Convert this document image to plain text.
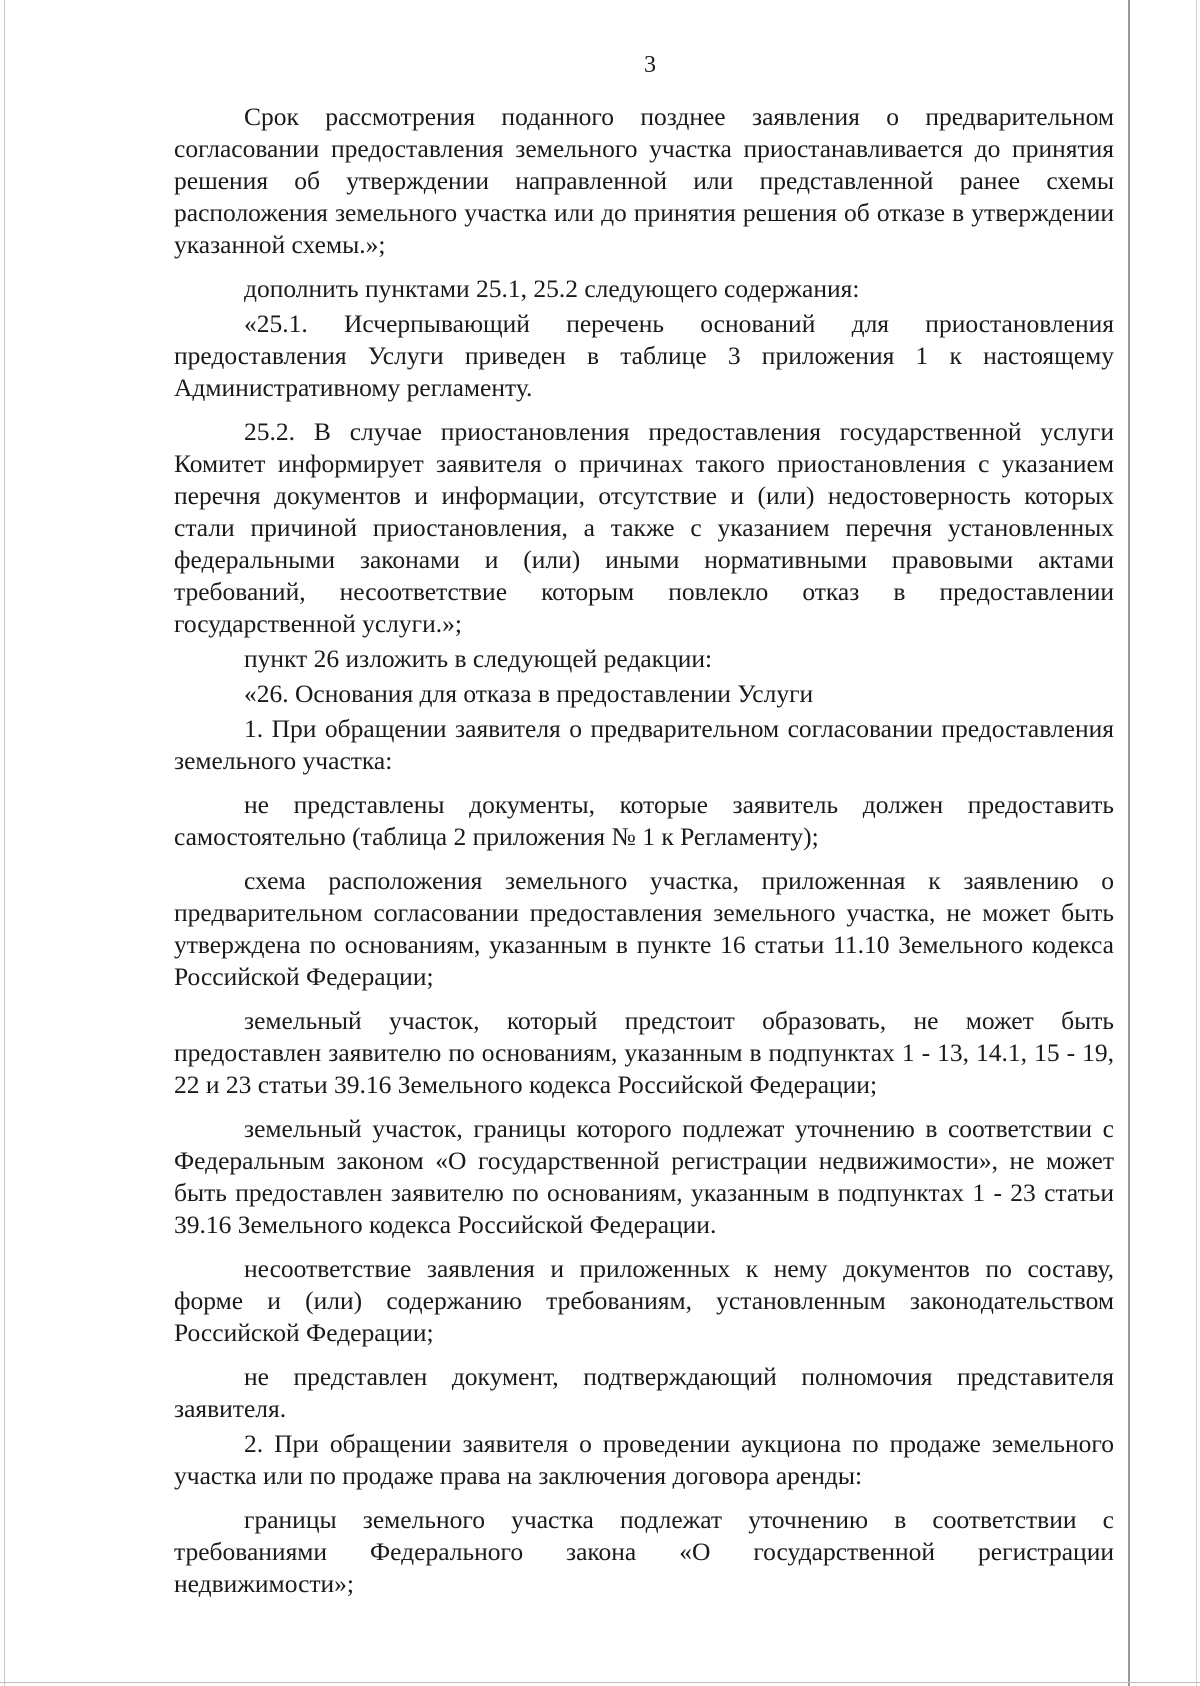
3

Срок рассмотрения поданного позднее заявления о предварительном согласовании предоставления земельного участка приостанавливается до принятия решения об утверждении направленной или представленной ранее схемы расположения земельного участка или до принятия решения об отказе в утверждении указанной схемы.»;

дополнить пунктами 25.1, 25.2 следующего содержания:

«25.1. Исчерпывающий перечень оснований для приостановления предоставления Услуги приведен в таблице 3 приложения 1 к настоящему Административному регламенту.

25.2. В случае приостановления предоставления государственной услуги Комитет информирует заявителя о причинах такого приостановления с указанием перечня документов и информации, отсутствие и (или) недостоверность которых стали причиной приостановления, а также с указанием перечня установленных федеральными законами и (или) иными нормативными правовыми актами требований, несоответствие которым повлекло отказ в предоставлении государственной услуги.»;

пункт 26 изложить в следующей редакции:

«26. Основания для отказа в предоставлении Услуги

1. При обращении заявителя о предварительном согласовании предоставления земельного участка:

не представлены документы, которые заявитель должен предоставить самостоятельно (таблица 2 приложения № 1 к Регламенту);

схема расположения земельного участка, приложенная к заявлению о предварительном согласовании предоставления земельного участка, не может быть утверждена по основаниям, указанным в пункте 16 статьи 11.10 Земельного кодекса Российской Федерации;

земельный участок, который предстоит образовать, не может быть предоставлен заявителю по основаниям, указанным в подпунктах 1 - 13, 14.1, 15 - 19, 22 и 23 статьи 39.16 Земельного кодекса Российской Федерации;

земельный участок, границы которого подлежат уточнению в соответствии с Федеральным законом «О государственной регистрации недвижимости», не может быть предоставлен заявителю по основаниям, указанным в подпунктах 1 - 23 статьи 39.16 Земельного кодекса Российской Федерации.

несоответствие заявления и приложенных к нему документов по составу, форме и (или) содержанию требованиям, установленным законодательством Российской Федерации;

не представлен документ, подтверждающий полномочия представителя заявителя.

2. При обращении заявителя о проведении аукциона по продаже земельного участка или по продаже права на заключения договора аренды:

границы земельного участка подлежат уточнению в соответствии с требованиями Федерального закона «О государственной регистрации недвижимости»;
